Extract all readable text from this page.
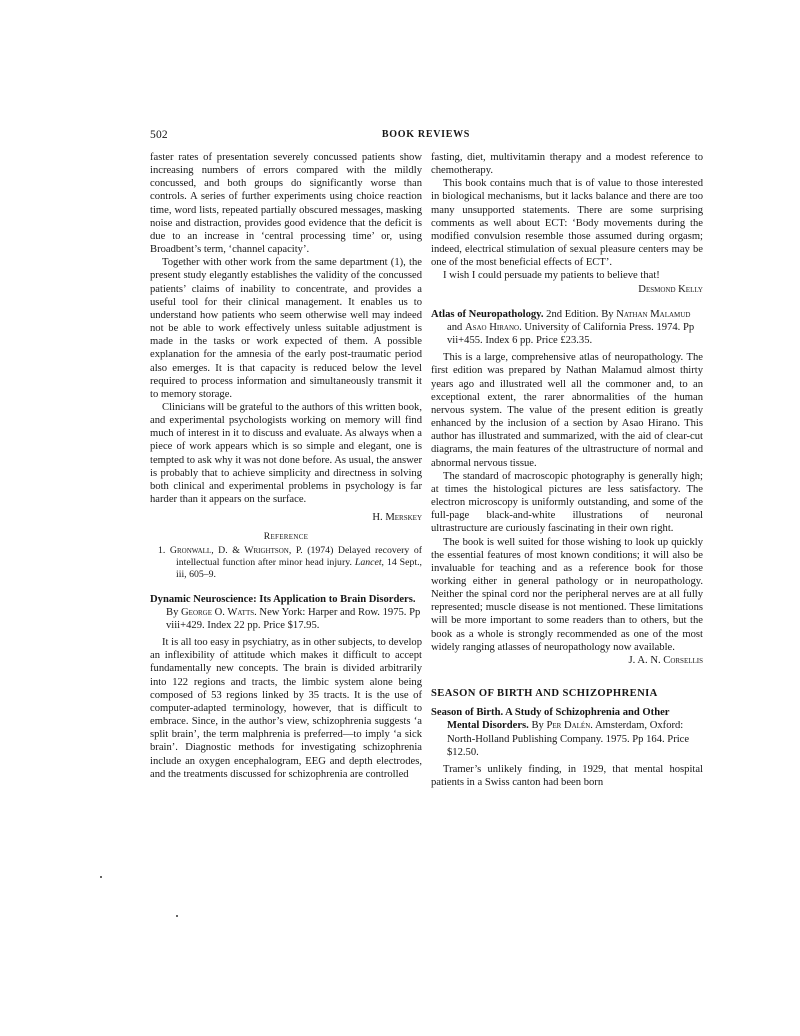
502	BOOK REVIEWS

faster rates of presentation severely concussed patients show increasing numbers of errors compared with the mildly concussed, and both groups do significantly worse than controls. A series of further experiments using choice reaction time, word lists, repeated partially obscured messages, masking noise and distraction, provides good evidence that the deficit is due to an increase in ‘central processing time’ or, using Broadbent’s term, ‘channel capacity’.

Together with other work from the same department (1), the present study elegantly establishes the validity of the concussed patients’ claims of inability to concentrate, and provides a useful tool for their clinical management. It enables us to understand how patients who seem otherwise well may indeed not be able to work effectively unless suitable adjustment is made in the tasks or work expected of them. A possible explanation for the amnesia of the early post-traumatic period also emerges. It is that capacity is reduced below the level required to process information and simultaneously transmit it to memory storage.

Clinicians will be grateful to the authors of this written book, and experimental psychologists working on memory will find much of interest in it to discuss and evaluate. As always when a piece of work appears which is so simple and elegant, one is tempted to ask why it was not done before. As usual, the answer is probably that to achieve simplicity and directness in solving both clinical and experimental problems in psychology is far harder than it appears on the surface.

H. Merskey

Reference
1. Gronwall, D. & Wrightson, P. (1974) Delayed recovery of intellectual function after minor head injury. Lancet, 14 Sept., iii, 605–9.
Dynamic Neuroscience: Its Application to Brain Disorders. By George O. Watts. New York: Harper and Row. 1975. Pp viii+429. Index 22 pp. Price $17.95.

It is all too easy in psychiatry, as in other subjects, to develop an inflexibility of attitude which makes it difficult to accept fundamentally new concepts. The brain is divided arbitrarily into 122 regions and tracts, the limbic system alone being composed of 53 regions linked by 35 tracts. It is the use of computer-adapted terminology, however, that is difficult to embrace. Since, in the author’s view, schizophrenia suggests ‘a split brain’, the term malphrenia is preferred—to imply ‘a sick brain’. Diagnostic methods for investigating schizophrenia include an oxygen encephalogram, EEG and depth electrodes, and the treatments discussed for schizophrenia are controlled

fasting, diet, multivitamin therapy and a modest reference to chemotherapy.

This book contains much that is of value to those interested in biological mechanisms, but it lacks balance and there are too many unsupported statements. There are some surprising comments as well about ECT: ‘Body movements during the modified convulsion resemble those assumed during orgasm; indeed, electrical stimulation of sexual pleasure centers may be one of the most beneficial effects of ECT’.

I wish I could persuade my patients to believe that!

Desmond Kelly

Atlas of Neuropathology. 2nd Edition. By Nathan Malamud and Asao Hirano. University of California Press. 1974. Pp vii+455. Index 6 pp. Price £23.35.

This is a large, comprehensive atlas of neuropathology. The first edition was prepared by Nathan Malamud almost thirty years ago and illustrated well all the commoner and, to an exceptional extent, the rarer abnormalities of the human nervous system. The value of the present edition is greatly enhanced by the inclusion of a section by Asao Hirano. This author has illustrated and summarized, with the aid of clear-cut diagrams, the main features of the ultrastructure of normal and abnormal nervous tissue.

The standard of macroscopic photography is generally high; at times the histological pictures are less satisfactory. The electron microscopy is uniformly outstanding, and some of the full-page black-and-white illustrations of neuronal ultrastructure are curiously fascinating in their own right.

The book is well suited for those wishing to look up quickly the essential features of most known conditions; it will also be invaluable for teaching and as a reference book for those working either in general pathology or in neuropathology. Neither the spinal cord nor the peripheral nerves are at all fully represented; muscle disease is not mentioned. These limitations will be more important to some readers than to others, but the book as a whole is strongly recommended as one of the most widely ranging atlasses of neuropathology now available.

J. A. N. Corsellis

SEASON OF BIRTH AND SCHIZOPHRENIA
Season of Birth. A Study of Schizophrenia and Other Mental Disorders. By Per Dalén. Amsterdam, Oxford: North-Holland Publishing Company. 1975. Pp 164. Price $12.50.

Tramer’s unlikely finding, in 1929, that mental hospital patients in a Swiss canton had been born
